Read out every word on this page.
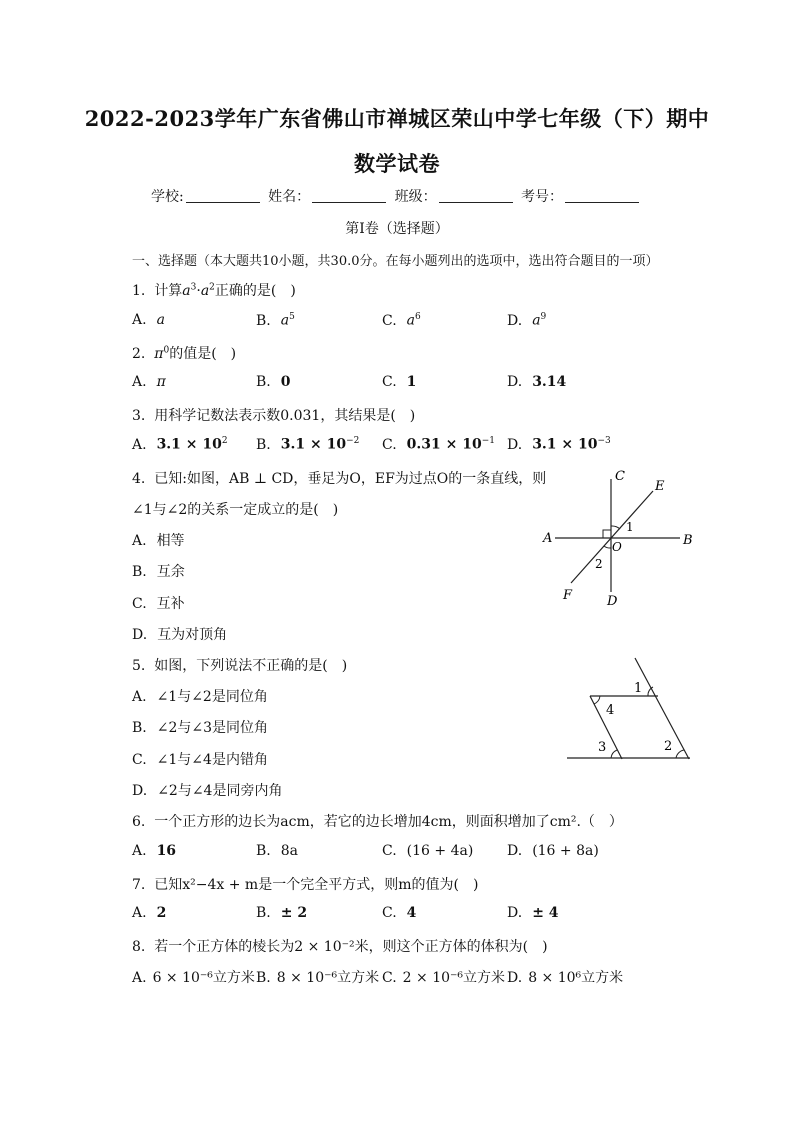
2022-2023学年广东省佛山市禅城区荣山中学七年级（下）期中
数学试卷
学校:	姓名：	班级：	考号：
第Ⅰ卷（选择题）
一、选择题（本大题共10小题，共30.0分。在每小题列出的选项中，选出符合题目的一项）
1. 计算$a^3\cdot a^2$正确的是(　)
A. a	B. $a^5$	C. $a^6$	D. $a^9$
2. $\pi^0$的值是(　)
A. π	B. 0	C. 1	D. 3.14
3. 用科学记数法表示数0.031，其结果是(　)
A. $3.1 \times 10^2$ B. $3.1 \times 10^{-2}$ C. $0.31 \times 10^{-1}$ D. $3.1 \times 10^{-3}$
4. 已知:如图，AB ⊥ CD，垂足为O，EF为过点O的一条直线，则
∠1与∠2的关系一定成立的是(　)
A. 相等
B. 互余
C. 互补
D. 互为对顶角
C
E
A	B
O
1
2
F	D
5. 如图，下列说法不正确的是(　)
A. ∠1与∠2是同位角
B. ∠2与∠3是同位角
C. ∠1与∠4是内错角
D. ∠2与∠4是同旁内角
1
2
3
4
6. 一个正方形的边长为acm，若它的边长增加4cm，则面积增加了cm².（　）
A. 16	B. 8a	C. (16 + 4a) D. (16 + 8a)
7. 已知x²−4x + m是一个完全平方式，则m的值为(　)
A. 2	B. ± 2	C. 4	D. ± 4
8. 若一个正方体的棱长为2 × 10⁻²米，则这个正方体的体积为(　)
A. 6 × 10⁻⁶立方米 B. 8 × 10⁻⁶立方米 C. 2 × 10⁻⁶立方米 D. 8 × 10⁶立方米
